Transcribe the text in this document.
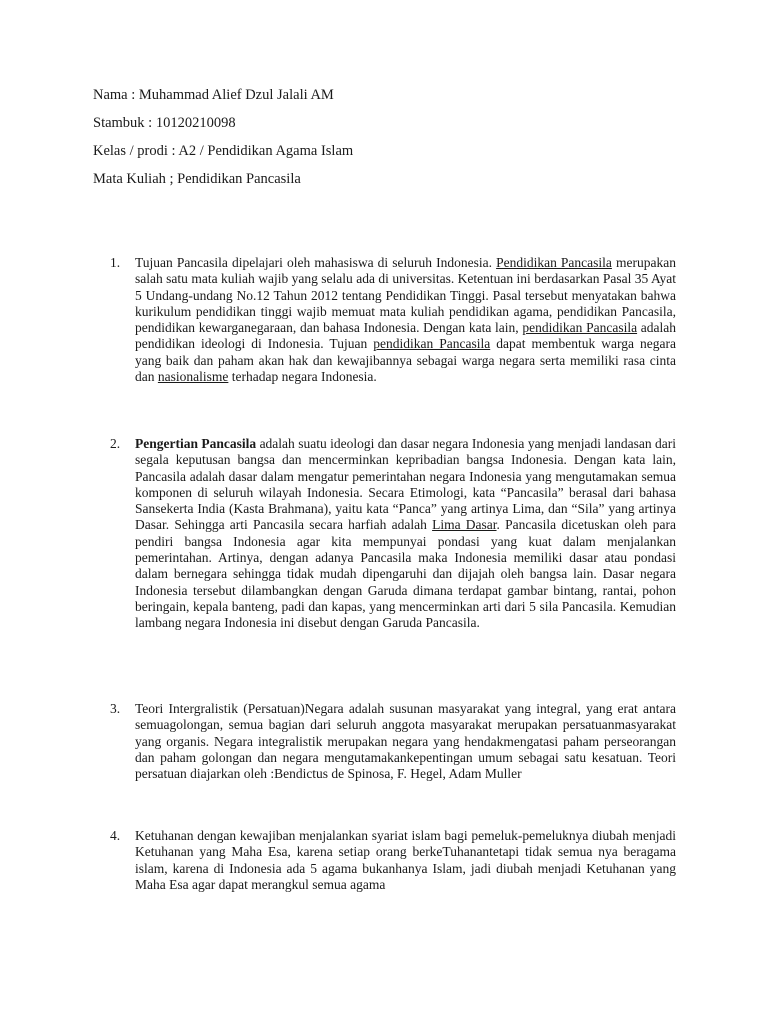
Nama : Muhammad Alief Dzul Jalali AM
Stambuk : 10120210098
Kelas / prodi : A2 / Pendidikan Agama Islam
Mata Kuliah ; Pendidikan Pancasila
1. Tujuan Pancasila dipelajari oleh mahasiswa di seluruh Indonesia. Pendidikan Pancasila merupakan salah satu mata kuliah wajib yang selalu ada di universitas. Ketentuan ini berdasarkan Pasal 35 Ayat 5 Undang-undang No.12 Tahun 2012 tentang Pendidikan Tinggi. Pasal tersebut menyatakan bahwa kurikulum pendidikan tinggi wajib memuat mata kuliah pendidikan agama, pendidikan Pancasila, pendidikan kewarganegaraan, dan bahasa Indonesia. Dengan kata lain, pendidikan Pancasila adalah pendidikan ideologi di Indonesia. Tujuan pendidikan Pancasila dapat membentuk warga negara yang baik dan paham akan hak dan kewajibannya sebagai warga negara serta memiliki rasa cinta dan nasionalisme terhadap negara Indonesia.
2. Pengertian Pancasila adalah suatu ideologi dan dasar negara Indonesia yang menjadi landasan dari segala keputusan bangsa dan mencerminkan kepribadian bangsa Indonesia. Dengan kata lain, Pancasila adalah dasar dalam mengatur pemerintahan negara Indonesia yang mengutamakan semua komponen di seluruh wilayah Indonesia. Secara Etimologi, kata “Pancasila” berasal dari bahasa Sansekerta India (Kasta Brahmana), yaitu kata “Panca” yang artinya Lima, dan “Sila” yang artinya Dasar. Sehingga arti Pancasila secara harfiah adalah Lima Dasar. Pancasila dicetuskan oleh para pendiri bangsa Indonesia agar kita mempunyai pondasi yang kuat dalam menjalankan pemerintahan. Artinya, dengan adanya Pancasila maka Indonesia memiliki dasar atau pondasi dalam bernegara sehingga tidak mudah dipengaruhi dan dijajah oleh bangsa lain. Dasar negara Indonesia tersebut dilambangkan dengan Garuda dimana terdapat gambar bintang, rantai, pohon beringain, kepala banteng, padi dan kapas, yang mencerminkan arti dari 5 sila Pancasila. Kemudian lambang negara Indonesia ini disebut dengan Garuda Pancasila.
3. Teori Intergralistik (Persatuan)Negara adalah susunan masyarakat yang integral, yang erat antara semuagolongan, semua bagian dari seluruh anggota masyarakat merupakan persatuanmasyarakat yang organis. Negara integralistik merupakan negara yang hendakmengatasi paham perseorangan dan paham golongan dan negara mengutamakankepentingan umum sebagai satu kesatuan. Teori persatuan diajarkan oleh :Bendictus de Spinosa, F. Hegel, Adam Muller
4. Ketuhanan dengan kewajiban menjalankan syariat islam bagi pemeluk-pemeluknya diubah menjadi Ketuhanan yang Maha Esa, karena setiap orang berkeTuhanantetapi tidak semua nya beragama islam, karena di Indonesia ada 5 agama bukanhanya Islam, jadi diubah menjadi Ketuhanan yang Maha Esa agar dapat merangkul semua agama
